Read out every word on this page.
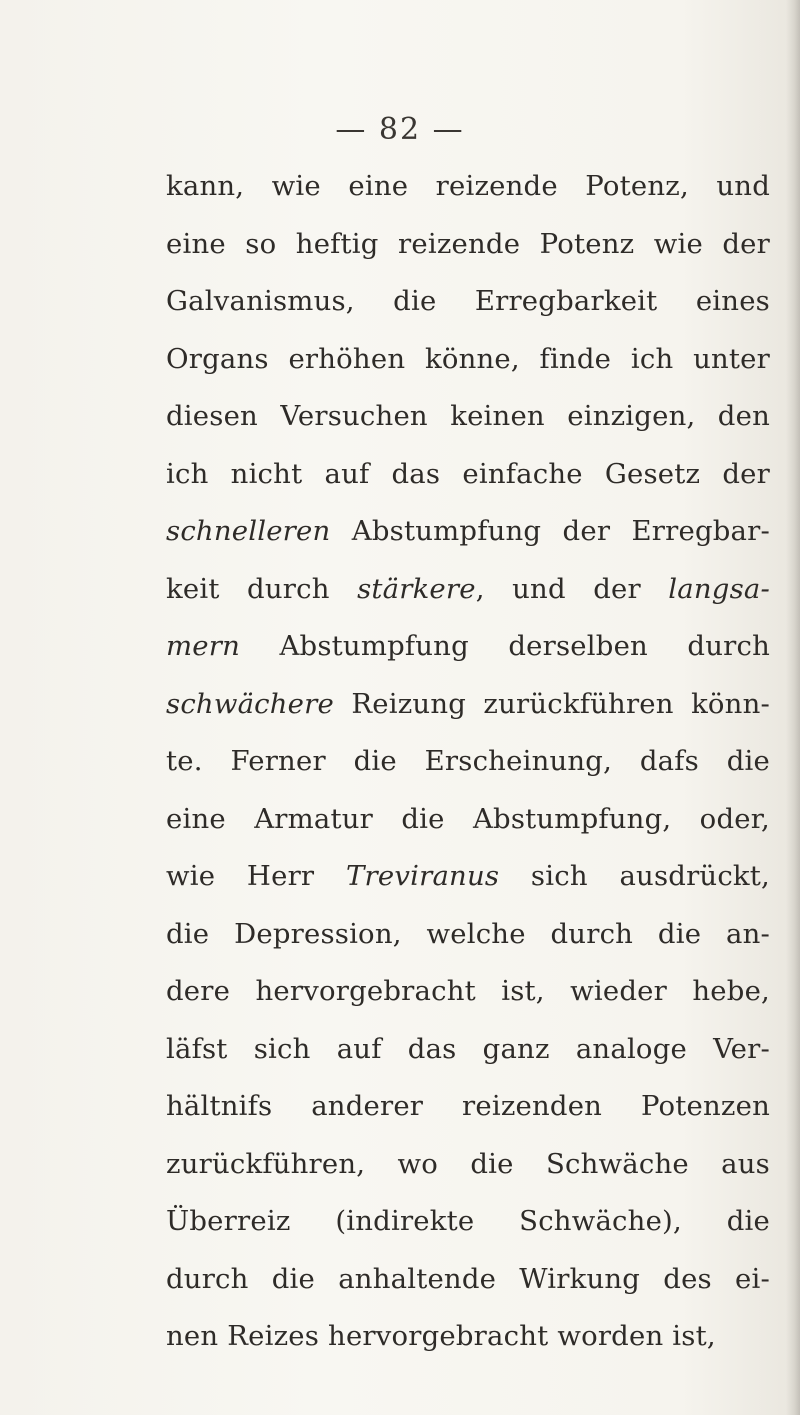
— 82 —
kann, wie eine reizende Potenz, und
eine so heftig reizende Potenz wie der
Galvanismus, die Erregbarkeit eines
Organs erhöhen könne, finde ich unter
diesen Versuchen keinen einzigen, den
ich nicht auf das einfache Gesetz der
schnelleren Abstumpfung der Erregbar-
keit durch stärkere, und der langsa-
mern Abstumpfung derselben durch
schwächere Reizung zurückführen könn-
te. Ferner die Erscheinung, dafs die
eine Armatur die Abstumpfung, oder,
wie Herr Treviranus sich ausdrückt,
die Depression, welche durch die an-
dere hervorgebracht ist, wieder hebe,
läfst sich auf das ganz analoge Ver-
hältnifs anderer reizenden Potenzen
zurückführen, wo die Schwäche aus
Überreiz (indirekte Schwäche), die
durch die anhaltende Wirkung des ei-
nen Reizes hervorgebracht worden ist,
